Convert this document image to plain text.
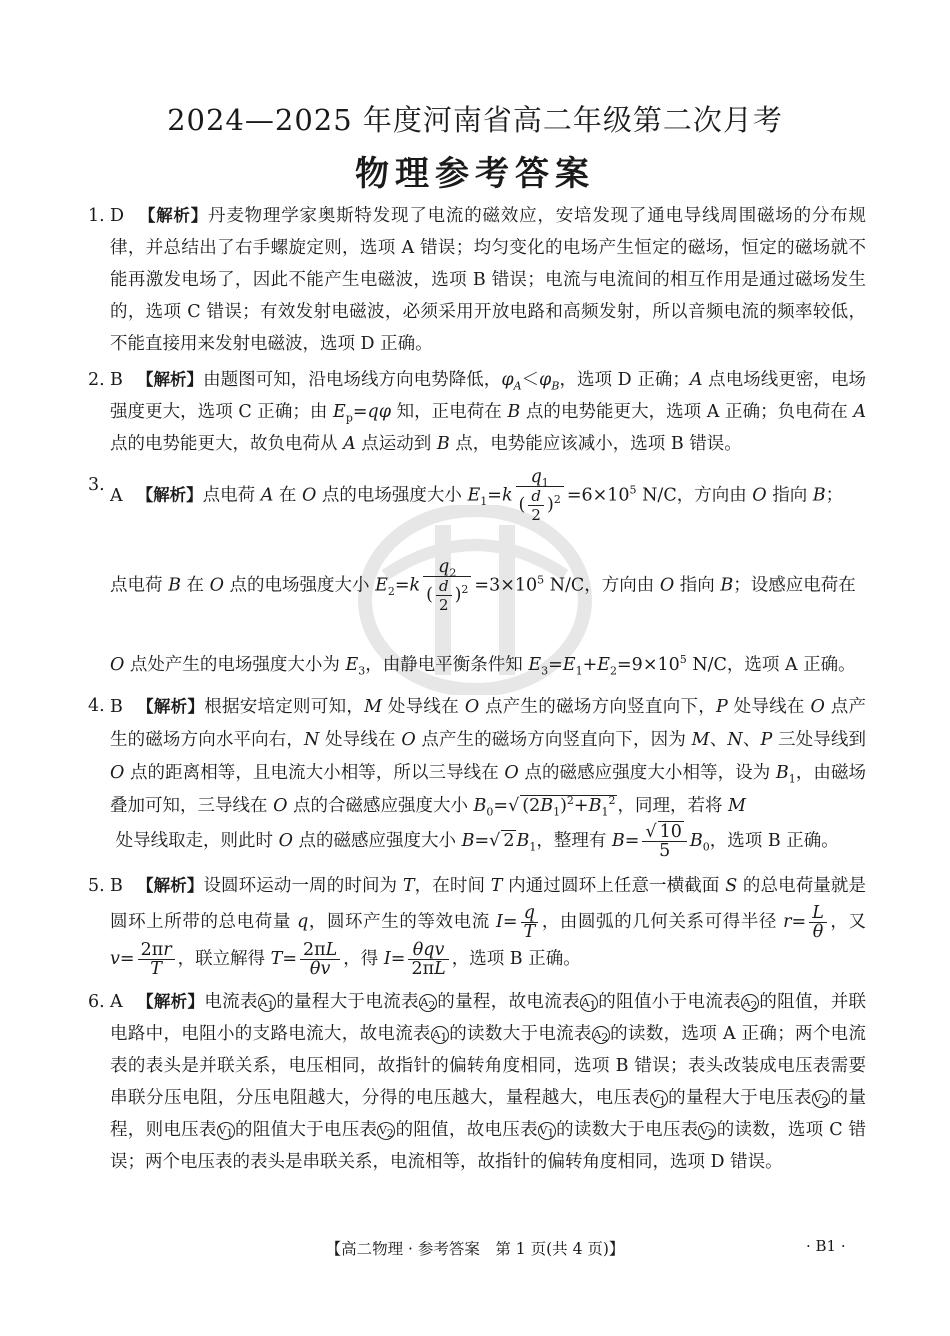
2024—2025 年度河南省高二年级第二次月考
物理参考答案
1. D 【解析】丹麦物理学家奥斯特发现了电流的磁效应，安培发现了通电导线周围磁场的分布规律，并总结出了右手螺旋定则，选项 A 错误；均匀变化的电场产生恒定的磁场，恒定的磁场就不能再激发电场了，因此不能产生电磁波，选项 B 错误；电流与电流间的相互作用是通过磁场发生的，选项 C 错误；有效发射电磁波，必须采用开放电路和高频发射，所以音频电流的频率较低，不能直接用来发射电磁波，选项 D 正确。
2. B 【解析】由题图可知，沿电场线方向电势降低，$\varphi_A<\varphi_B$，选项 D 正确；A 点电场线更密，电场强度更大，选项 C 正确；由 $E_p=q\varphi$ 知，正电荷在 B 点的电势能更大，选项 A 正确；负电荷在 A 点的电势能更大，故负电荷从 A 点运动到 B 点，电势能应该减小，选项 B 错误。
3.
A 【解析】点电荷 A 在 O 点的电场强度大小 $E_1=k \frac{q_1}{( \frac{d}{2} )^2} =6\times 10^5$ N/C，方向由 O 指向 B；

点电荷 B 在 O 点的电场强度大小 $E_2=k \frac{q_2}{( \frac{d}{2} )^2} =3\times 10^5$ N/C，方向由 O 指向 B；设感应电荷在

O 点处产生的电场强度大小为 $E_3$，由静电平衡条件知 $E_3=E_1+E_2=9\times 10^5$ N/C，选项 A 正确。
4. B 【解析】根据安培定则可知，M 处导线在 O 点产生的磁场方向竖直向下，P 处导线在 O 点产生的磁场方向水平向右，N 处导线在 O 点产生的磁场方向竖直向下，因为 M、N、P 三处导线到 O 点的距离相等，且电流大小相等，所以三导线在 O 点的磁感应强度大小相等，设为 $B_1$，由磁场叠加可知，三导线在 O 点的合磁感应强度大小 $B_0=√$ $(2B_1)^2+B_1^2$ ，同理，若将 M
处导线取走，则此时 O 点的磁感应强度大小 B=√ 2 $B_1$，整理有 $B= \frac{√ 10}{5} B_0$，选项 B 正确。
5. B 【解析】设圆环运动一周的时间为 T，在时间 T 内通过圆环上任意一横截面 S 的总电荷量就是圆环上所带的总电荷量 q，圆环产生的等效电流 $I= \frac{q}{T}$ ，由圆弧的几何关系可得半径 $r= \frac{L}{\theta}$ ，又 $v= \frac{2\pi r}{T}$ ，联立解得 $T= \frac{2\pi L}{\theta v}$ ，得 $I= \frac{\text{θqv}}{2\pi L}$ ，选项 B 正确。
6. A 【解析】电流表 $A_1$的量程大于电流表 $A_2$的量程，故电流表 $A_1$的阻值小于电流表 $A_2$的阻值，并联电路中，电阻小的支路电流大，故电流表 $A_1$的读数大于电流表 $A_2$的读数，选项 A 正确；两个电流表的表头是并联关系，电压相同，故指针的偏转角度相同，选项 B 错误；表头改装成电压表需要串联分压电阻，分压电阻越大，分得的电压越大，量程越大，电压表 $V_1$的量程大于电压表 $V_2$的量程，则电压表 $V_1$的阻值大于电压表 $V_2$的阻值，故电压表 $V_1$的读数大于电压表 $V_2$的读数，选项 C 错误；两个电压表的表头是串联关系，电流相等，故指针的偏转角度相同，选项 D 错误。
【高二物理 · 参考答案　第 1 页(共 4 页)】	· B1 ·
